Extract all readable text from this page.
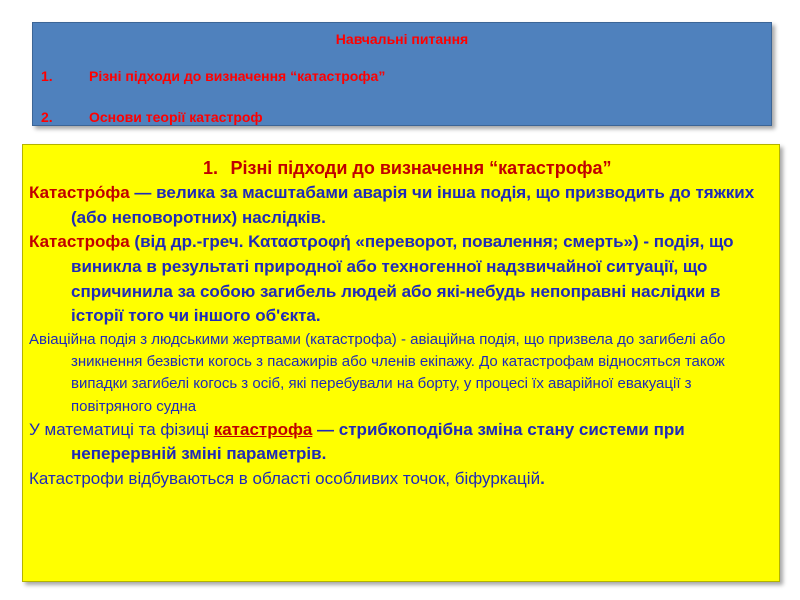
Навчальні питання
1.	Різні підходи до визначення “катастрофа”
2.	Основи теорії катастроф
1. Різні підходи до визначення “катастрофа”

Катастро́фа — велика за масштабами аварія чи інша подія, що призводить до тяжких (або неповоротних) наслідків.

Катастрофа (від др.-греч. Καταστροφή «переворот, повалення; смерть») - подія, що виникла в результаті природної або техногенної надзвичайної ситуації, що спричинила за собою загибель людей або які-небудь непоправні наслідки в історії того чи іншого об'єкта.

Авіаційна подія з людськими жертвами (катастрофа) - авіаційна подія, що призвела до загибелі або зникнення безвісти когось з пасажирів або членів екіпажу. До катастрофам відносяться також випадки загибелі когось з осіб, які перебували на борту, у процесі їх аварійної евакуації з повітряного судна

У математиці та фізиці катастрофа — стрибкоподібна зміна стану системи при неперервній зміні параметрів.

Катастрофи відбуваються в області особливих точок, біфуркацій.
